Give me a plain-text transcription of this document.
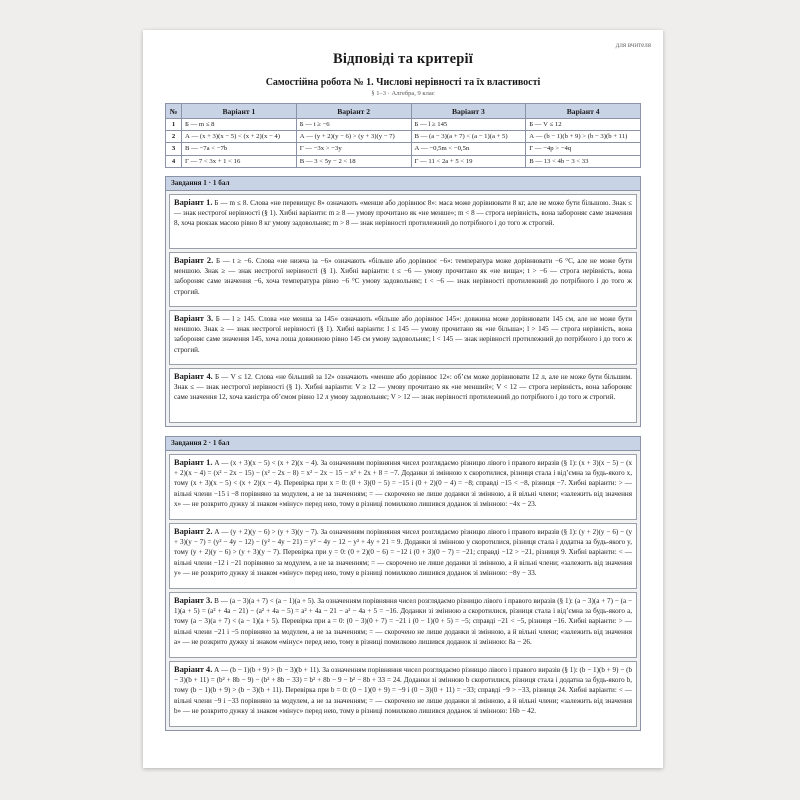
для вчителя
Відповіді та критерії
Самостійна робота № 1. Числові нерівності та їх властивості
§ 1–3 · Алгебра, 9 клас
№	Варіант 1	Варіант 2	Варіант 3	Варіант 4
1	Б — m ≤ 8	Б — t ≥ −6	Б — l ≥ 145	Б — V ≤ 12
2	А — (x + 3)(x − 5) < (x + 2)(x − 4)	А — (y + 2)(y − 6) > (y + 3)(y − 7)	В — (a − 3)(a + 7) < (a − 1)(a + 5)	А — (b − 1)(b + 9) > (b − 3)(b + 11)
3	В — −7a < −7b	Г — −3x > −3y	А — −0,5m < −0,5n	Г — −4p > −4q
4	Г — 7 < 3x + 1 < 16	В — 3 < 5y − 2 < 18	Г — 11 < 2a + 5 < 19	В — 13 < 4b − 3 < 33
Завдання 1 · 1 бал
Варіант 1. Б — m ≤ 8. Слова «не перевищує 8» означають «менше або дорівнює 8»: маса може дорівнювати 8 кг, але не може бути більшою. Знак ≤ — знак нестрогої нерівності (§ 1). Хибні варіанти: m ≥ 8 — умову прочитано як «не менше»; m < 8 — строга нерівність, вона забороняє саме значення 8, хоча рюкзак масою рівно 8 кг умову задовольняє; m > 8 — знак нерівності протилежний до потрібного і до того ж строгий.
Варіант 2. Б — t ≥ −6. Слова «не нижча за −6» означають «більше або дорівнює −6»: температура може дорівнювати −6 °C, але не може бути меншою. Знак ≥ — знак нестрогої нерівності (§ 1). Хибні варіанти: t ≤ −6 — умову прочитано як «не вища»; t > −6 — строга нерівність, вона забороняє саме значення −6, хоча температура рівно −6 °C умову задовольняє; t < −6 — знак нерівності протилежний до потрібного і до того ж строгий.
Варіант 3. Б — l ≥ 145. Слова «не менша за 145» означають «більше або дорівнює 145»: довжина може дорівнювати 145 см, але не може бути меншою. Знак ≥ — знак нестрогої нерівності (§ 1). Хибні варіанти: l ≤ 145 — умову прочитано як «не більша»; l > 145 — строга нерівність, вона забороняє саме значення 145, хоча лоша довжиною рівно 145 см умову задовольняє; l < 145 — знак нерівності протилежний до потрібного і до того ж строгий.
Варіант 4. Б — V ≤ 12. Слова «не більший за 12» означають «менше або дорівнює 12»: об’єм може дорівнювати 12 л, але не може бути більшим. Знак ≤ — знак нестрогої нерівності (§ 1). Хибні варіанти: V ≥ 12 — умову прочитано як «не менший»; V < 12 — строга нерівність, вона забороняє саме значення 12, хоча каністра об’ємом рівно 12 л умову задовольняє; V > 12 — знак нерівності протилежний до потрібного і до того ж строгий.
Завдання 2 · 1 бал
Варіант 1. А — (x + 3)(x − 5) < (x + 2)(x − 4). За означенням порівняння чисел розглядаємо різницю лівого і правого виразів (§ 1): (x + 3)(x − 5) − (x + 2)(x − 4) = (x² − 2x − 15) − (x² − 2x − 8) = x² − 2x − 15 − x² + 2x + 8 = −7. Доданки зі змінною x скоротилися, різниця стала і від’ємна за будь-якого x, тому (x + 3)(x − 5) < (x + 2)(x − 4). Перевірка при x = 0: (0 + 3)(0 − 5) = −15 і (0 + 2)(0 − 4) = −8; справді −15 < −8, різниця −7. Хибні варіанти: > — вільні члени −15 і −8 порівняно за модулем, а не за значенням; = — скорочено не лише доданки зі змінною, а й вільні члени; «залежить від значення x» — не розкрито дужку зі знаком «мінус» перед нею, тому в різниці помилково лишився доданок зі змінною: −4x − 23.
Варіант 2. А — (y + 2)(y − 6) > (y + 3)(y − 7). За означенням порівняння чисел розглядаємо різницю лівого і правого виразів (§ 1): (y + 2)(y − 6) − (y + 3)(y − 7) = (y² − 4y − 12) − (y² − 4y − 21) = y² − 4y − 12 − y² + 4y + 21 = 9. Доданки зі змінною y скоротилися, різниця стала і додатна за будь-якого y, тому (y + 2)(y − 6) > (y + 3)(y − 7). Перевірка при y = 0: (0 + 2)(0 − 6) = −12 і (0 + 3)(0 − 7) = −21; справді −12 > −21, різниця 9. Хибні варіанти: < — вільні члени −12 і −21 порівняно за модулем, а не за значенням; = — скорочено не лише доданки зі змінною, а й вільні члени; «залежить від значення y» — не розкрито дужку зі знаком «мінус» перед нею, тому в різниці помилково лишився доданок зі змінною: −8y − 33.
Варіант 3. В — (a − 3)(a + 7) < (a − 1)(a + 5). За означенням порівняння чисел розглядаємо різницю лівого і правого виразів (§ 1): (a − 3)(a + 7) − (a − 1)(a + 5) = (a² + 4a − 21) − (a² + 4a − 5) = a² + 4a − 21 − a² − 4a + 5 = −16. Доданки зі змінною a скоротилися, різниця стала і від’ємна за будь-якого a, тому (a − 3)(a + 7) < (a − 1)(a + 5). Перевірка при a = 0: (0 − 3)(0 + 7) = −21 і (0 − 1)(0 + 5) = −5; справді −21 < −5, різниця −16. Хибні варіанти: > — вільні члени −21 і −5 порівняно за модулем, а не за значенням; = — скорочено не лише доданки зі змінною, а й вільні члени; «залежить від значення a» — не розкрито дужку зі знаком «мінус» перед нею, тому в різниці помилково лишився доданок зі змінною: 8a − 26.
Варіант 4. А — (b − 1)(b + 9) > (b − 3)(b + 11). За означенням порівняння чисел розглядаємо різницю лівого і правого виразів (§ 1): (b − 1)(b + 9) − (b − 3)(b + 11) = (b² + 8b − 9) − (b² + 8b − 33) = b² + 8b − 9 − b² − 8b + 33 = 24. Доданки зі змінною b скоротилися, різниця стала і додатна за будь-якого b, тому (b − 1)(b + 9) > (b − 3)(b + 11). Перевірка при b = 0: (0 − 1)(0 + 9) = −9 і (0 − 3)(0 + 11) = −33; справді −9 > −33, різниця 24. Хибні варіанти: < — вільні члени −9 і −33 порівняно за модулем, а не за значенням; = — скорочено не лише доданки зі змінною, а й вільні члени; «залежить від значення b» — не розкрито дужку зі знаком «мінус» перед нею, тому в різниці помилково лишився доданок зі змінною: 16b − 42.
